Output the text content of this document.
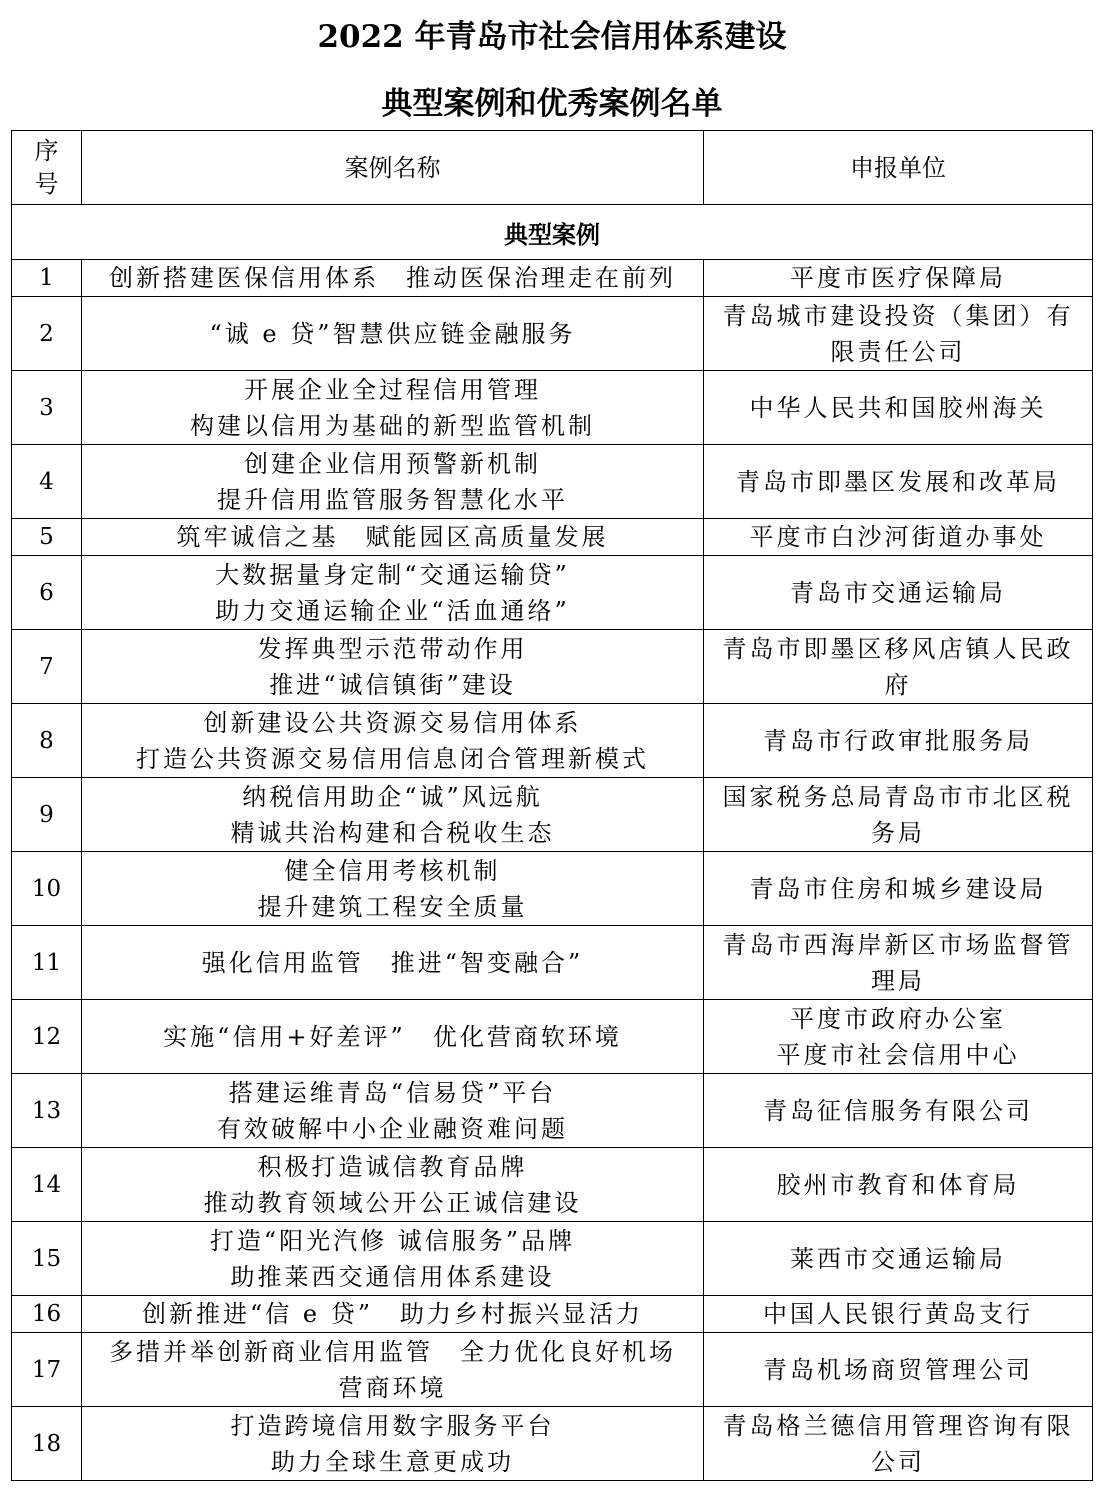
2022 年青岛市社会信用体系建设
典型案例和优秀案例名单
序
号	案例名称	申报单位
典型案例		
1	创新搭建医保信用体系　推动医保治理走在前列	平度市医疗保障局

2	“诚 e 贷”智慧供应链金融服务	青岛城市建设投资（集团）有限责任公司

3	开展企业全过程信用管理
构建以信用为基础的新型监管机制	中华人民共和国胶州海关

4	创建企业信用预警新机制
提升信用监管服务智慧化水平	青岛市即墨区发展和改革局

5	筑牢诚信之基　赋能园区高质量发展	平度市白沙河街道办事处

6	大数据量身定制“交通运输贷”
助力交通运输企业“活血通络”	青岛市交通运输局

7	发挥典型示范带动作用
推进“诚信镇街”建设	青岛市即墨区移风店镇人民政府

8	创新建设公共资源交易信用体系
打造公共资源交易信用信息闭合管理新模式	青岛市行政审批服务局

9	纳税信用助企“诚”风远航
精诚共治构建和合税收生态	国家税务总局青岛市市北区税务局

10	健全信用考核机制
提升建筑工程安全质量	青岛市住房和城乡建设局

11	强化信用监管　推进“智变融合”	青岛市西海岸新区市场监督管理局

12	实施“信用+好差评”　优化营商软环境	平度市政府办公室
平度市社会信用中心

13	搭建运维青岛“信易贷”平台
有效破解中小企业融资难问题	青岛征信服务有限公司

14	积极打造诚信教育品牌
推动教育领域公开公正诚信建设	胶州市教育和体育局

15	打造“阳光汽修 诚信服务”品牌
助推莱西交通信用体系建设	莱西市交通运输局

16	创新推进“信 e 贷”　助力乡村振兴显活力	中国人民银行黄岛支行

17	多措并举创新商业信用监管　全力优化良好机场
营商环境	青岛机场商贸管理公司

18	打造跨境信用数字服务平台
助力全球生意更成功	青岛格兰德信用管理咨询有限公司
